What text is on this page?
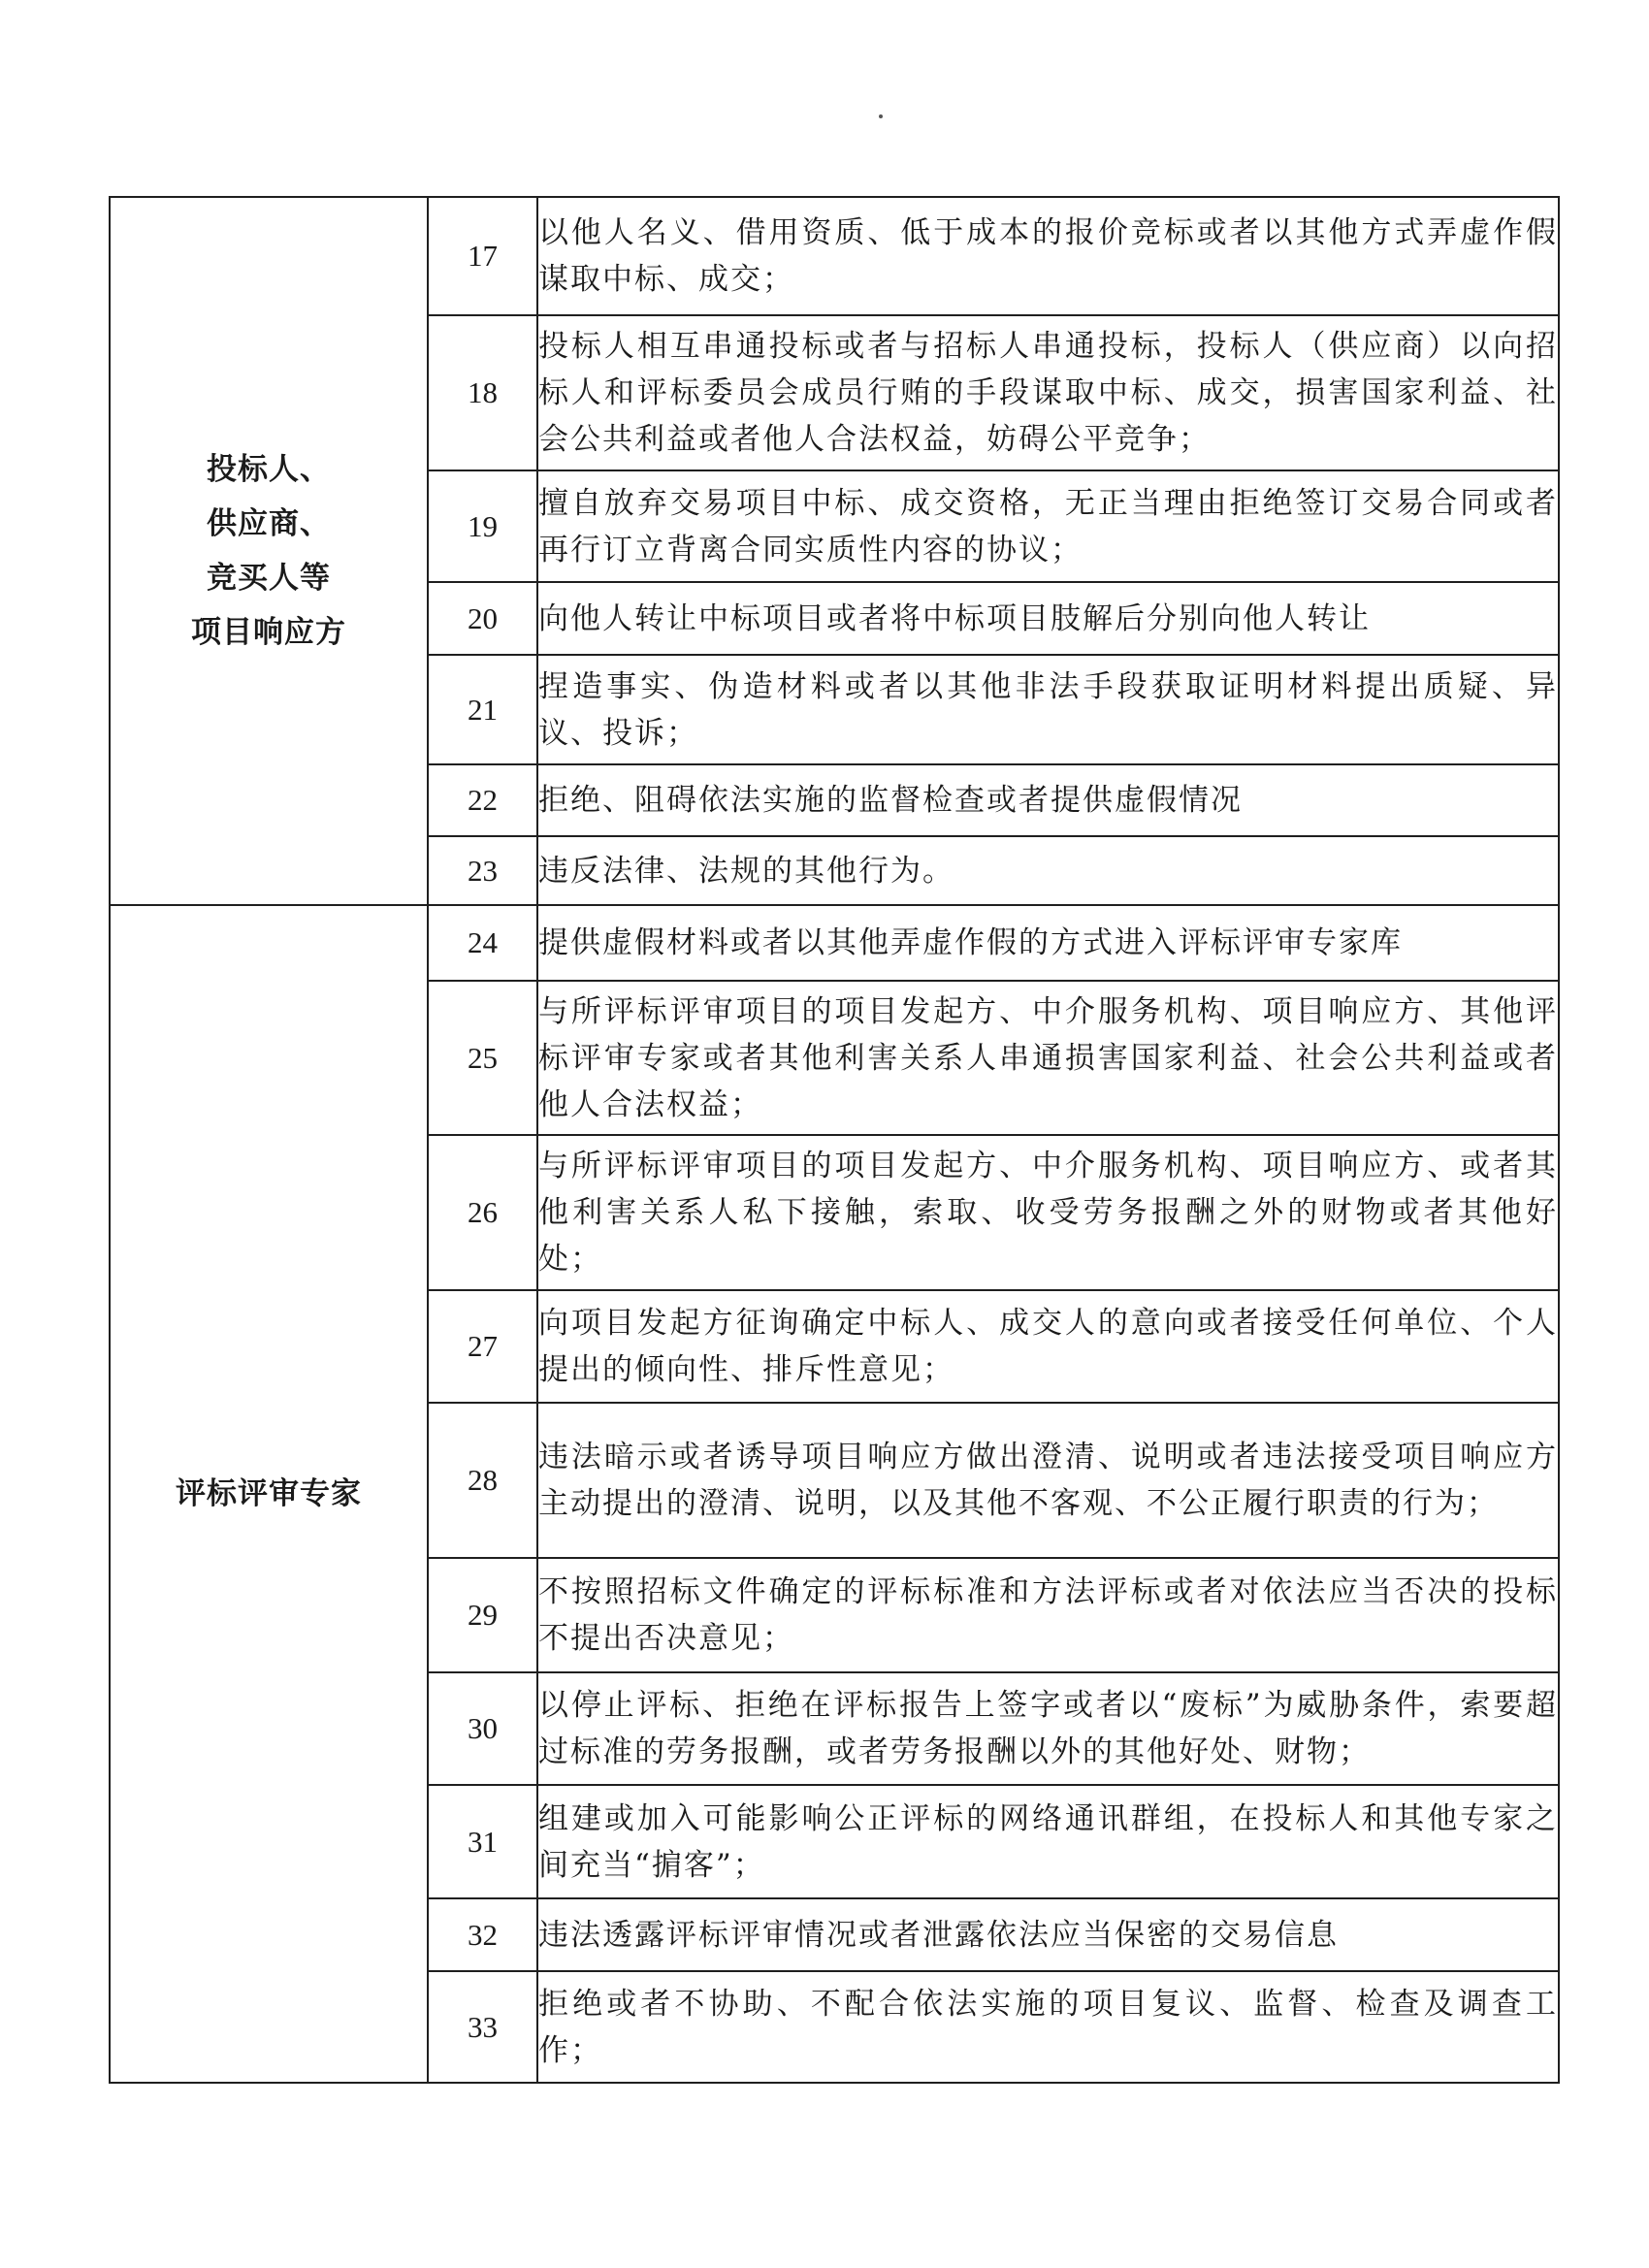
投标人、
供应商、
竞买人等
项目响应方	17	以他人名义、借用资质、低于成本的报价竞标或者以其他方式弄虚作假谋取中标、成交；
	18	投标人相互串通投标或者与招标人串通投标，投标人（供应商）以向招标人和评标委员会成员行贿的手段谋取中标、成交，损害国家利益、社会公共利益或者他人合法权益，妨碍公平竞争；
	19	擅自放弃交易项目中标、成交资格，无正当理由拒绝签订交易合同或者再行订立背离合同实质性内容的协议；
	20	向他人转让中标项目或者将中标项目肢解后分别向他人转让
	21	捏造事实、伪造材料或者以其他非法手段获取证明材料提出质疑、异议、投诉；
	22	拒绝、阻碍依法实施的监督检查或者提供虚假情况
	23	违反法律、法规的其他行为。

评标评审专家	24	提供虚假材料或者以其他弄虚作假的方式进入评标评审专家库
	25	与所评标评审项目的项目发起方、中介服务机构、项目响应方、其他评标评审专家或者其他利害关系人串通损害国家利益、社会公共利益或者他人合法权益；
	26	与所评标评审项目的项目发起方、中介服务机构、项目响应方、或者其他利害关系人私下接触，索取、收受劳务报酬之外的财物或者其他好处；
	27	向项目发起方征询确定中标人、成交人的意向或者接受任何单位、个人提出的倾向性、排斥性意见；
	28	违法暗示或者诱导项目响应方做出澄清、说明或者违法接受项目响应方主动提出的澄清、说明，以及其他不客观、不公正履行职责的行为；
	29	不按照招标文件确定的评标标准和方法评标或者对依法应当否决的投标不提出否决意见；
	30	以停止评标、拒绝在评标报告上签字或者以“废标”为威胁条件，索要超过标准的劳务报酬，或者劳务报酬以外的其他好处、财物；
	31	组建或加入可能影响公正评标的网络通讯群组，在投标人和其他专家之间充当“掮客”；
	32	违法透露评标评审情况或者泄露依法应当保密的交易信息
	33	拒绝或者不协助、不配合依法实施的项目复议、监督、检查及调查工作；
